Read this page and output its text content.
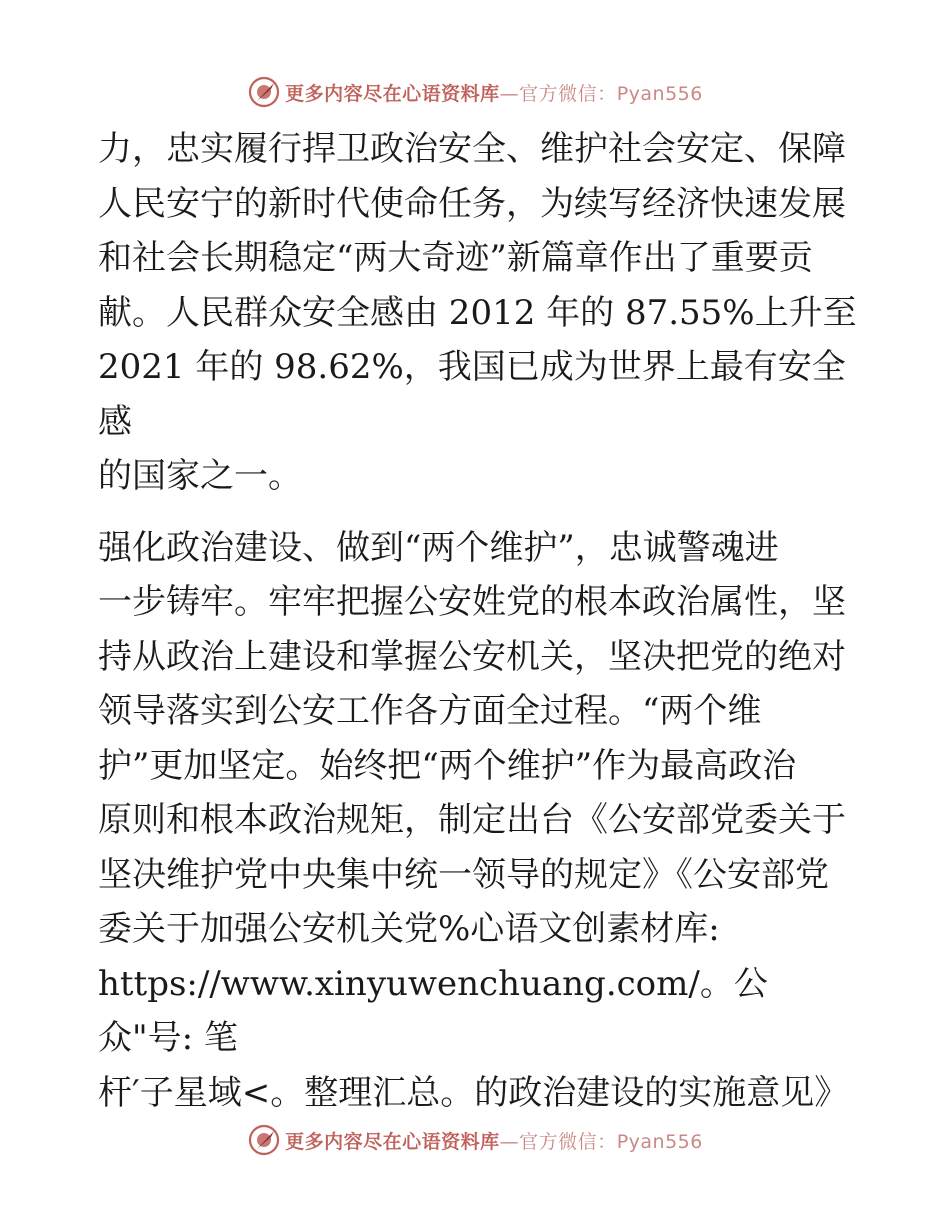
更多内容尽在心语资料库—官方微信：Pyan556

力，忠实履行捍卫政治安全、维护社会安定、保障
人民安宁的新时代使命任务，为续写经济快速发展
和社会长期稳定“两大奇迹”新篇章作出了重要贡
献。人民群众安全感由 2012 年的 87.55%上升至
2021 年的 98.62%，我国已成为世界上最有安全感
的国家之一。

强化政治建设、做到“两个维护”，忠诚警魂进
一步铸牢。牢牢把握公安姓党的根本政治属性，坚
持从政治上建设和掌握公安机关，坚决把党的绝对
领导落实到公安工作各方面全过程。“两个维
护”更加坚定。始终把“两个维护”作为最高政治
原则和根本政治规矩，制定出台《公安部党委关于
坚决维护党中央集中统一领导的规定》《公安部党
委关于加强公安机关党%心语文创素材库:
https://www.xinyuwenchuang.com/。公众"号: 笔
杆′子星域<。整理汇总。的政治建设的实施意见》

更多内容尽在心语资料库—官方微信：Pyan556
